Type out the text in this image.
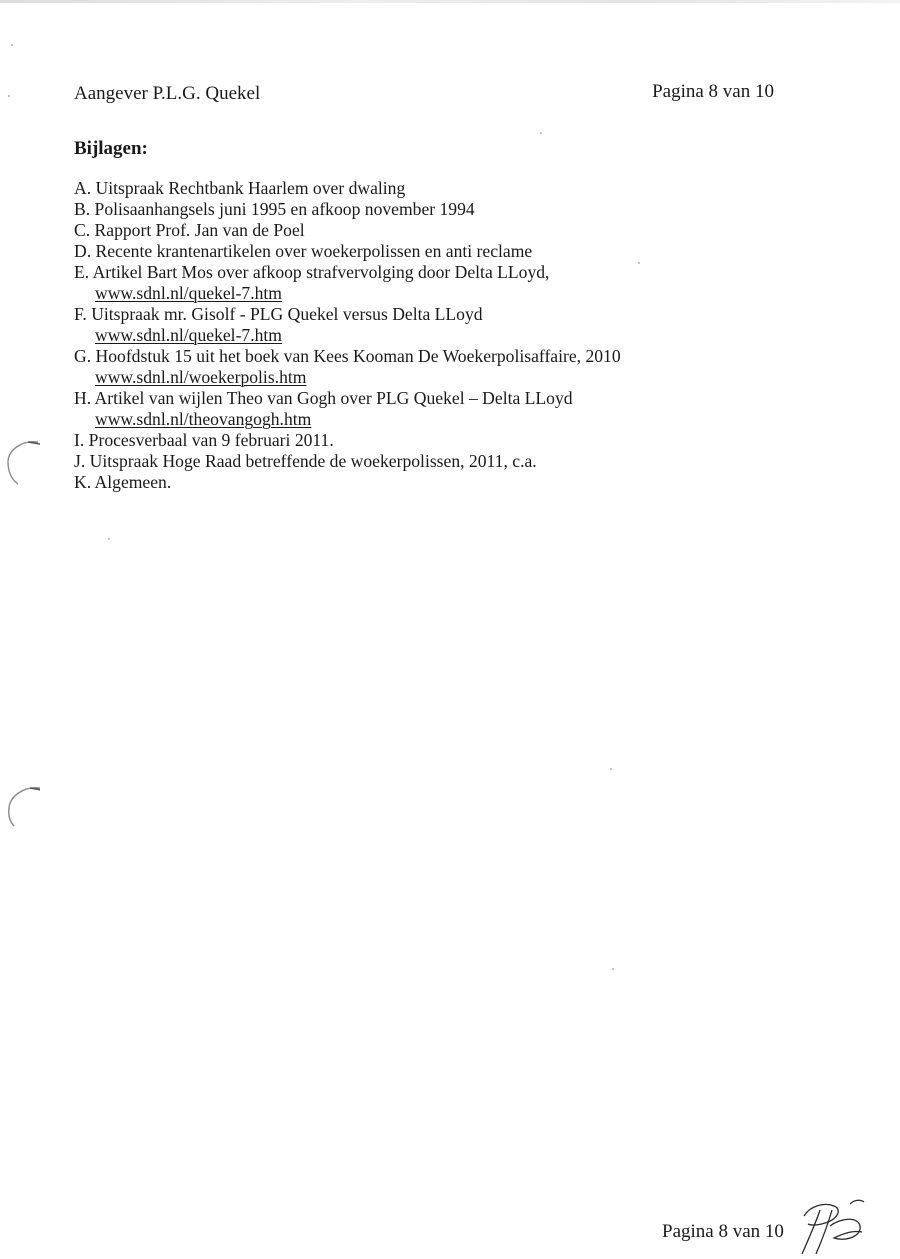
Aangever P.L.G. Quekel	Pagina 8 van 10
Bijlagen:
A. Uitspraak Rechtbank Haarlem over dwaling
B. Polisaanhangsels juni 1995 en afkoop november 1994
C. Rapport Prof. Jan van de Poel
D. Recente krantenartikelen over woekerpolissen en anti reclame
E. Artikel Bart Mos over afkoop strafvervolging door Delta LLoyd,
www.sdnl.nl/quekel-7.htm
F. Uitspraak mr. Gisolf - PLG Quekel versus Delta LLoyd
www.sdnl.nl/quekel-7.htm
G. Hoofdstuk 15 uit het boek van Kees Kooman De Woekerpolisaffaire, 2010
www.sdnl.nl/woekerpolis.htm
H. Artikel van wijlen Theo van Gogh over PLG Quekel – Delta LLoyd
www.sdnl.nl/theovangogh.htm
I. Procesverbaal van 9 februari 2011.
J. Uitspraak Hoge Raad betreffende de woekerpolissen, 2011, c.a.
K. Algemeen.
Pagina 8 van 10
